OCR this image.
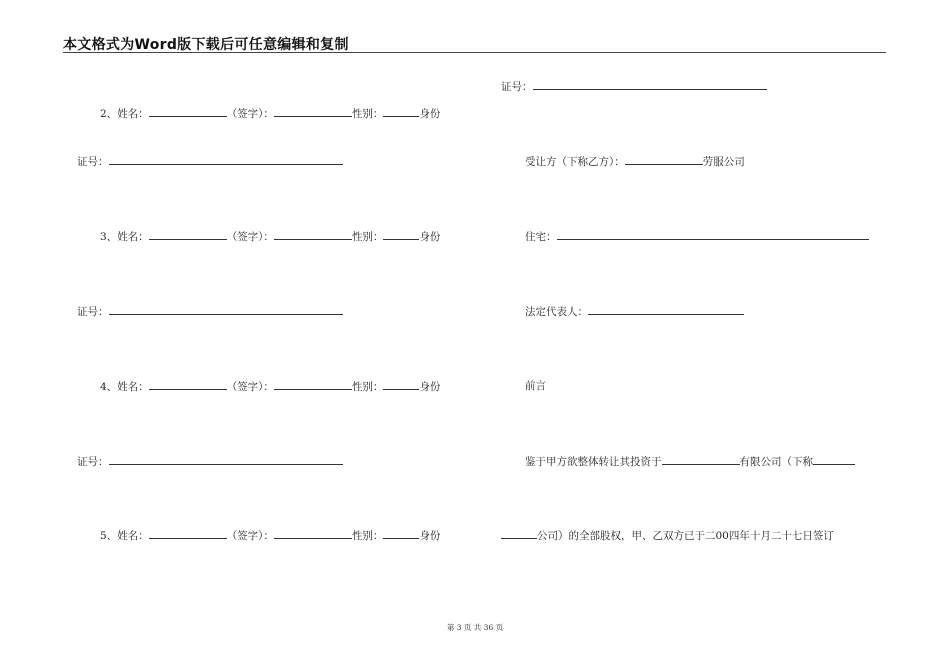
本文格式为Word版下载后可任意编辑和复制
2、 姓名：	（签字）：	性别：	身份
证号：
3、 姓名：	（签字）：	性别：	身份
证号：
4、 姓名：	（签字）：	性别：	身份
证号：
5、 姓名：	（签字）：	性别：	身份
证号：
受让方（下称乙方）：	劳服公司
住宅：
法定代表人：
前言
鉴于甲方欲整体转让其投资于	有限公司（下称
公司）的全部股权，甲、乙双方已于二00四年十月二十七日签订
第 3 页 共 36 页
